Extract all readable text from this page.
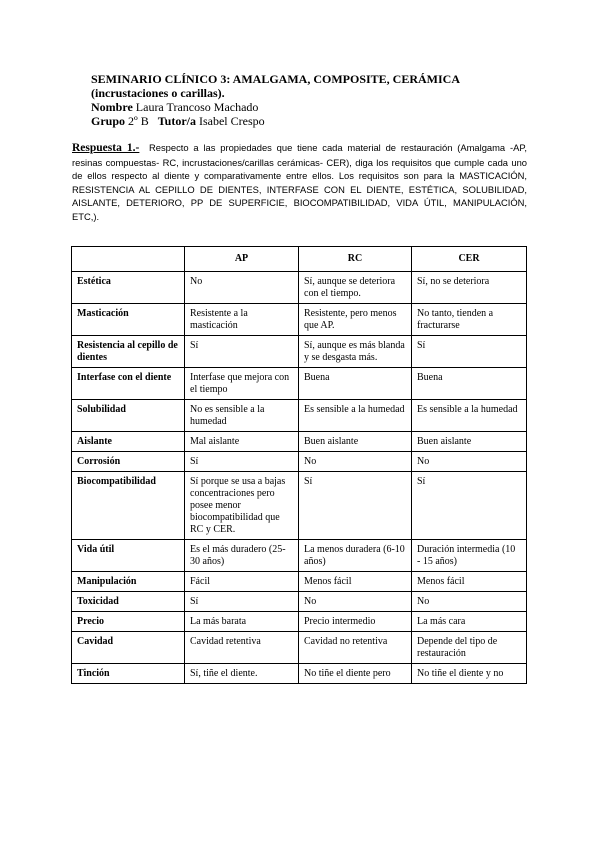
SEMINARIO CLÍNICO 3: AMALGAMA, COMPOSITE, CERÁMICA
(incrustaciones o carillas).
Nombre Laura Trancoso Machado
Grupo 2º B Tutor/a Isabel Crespo
Respuesta 1.- Respecto a las propiedades que tiene cada material de restauración (Amalgama -AP, resinas compuestas- RC, incrustaciones/carillas cerámicas- CER), diga los requisitos que cumple cada uno de ellos respecto al diente y comparativamente entre ellos. Los requisitos son para la MASTICACIÓN, RESISTENCIA AL CEPILLO DE DIENTES, INTERFASE CON EL DIENTE, ESTÉTICA, SOLUBILIDAD, AISLANTE, DETERIORO, PP DE SUPERFICIE, BIOCOMPATIBILIDAD, VIDA ÚTIL, MANIPULACIÓN, ETC,).
	AP	RC	CER
Estética	No	Sí, aunque se deteriora con el tiempo.	Sí, no se deteriora
Masticación	Resistente a la masticación	Resistente, pero menos que AP.	No tanto, tienden a fracturarse
Resistencia al cepillo de dientes	Sí	Sí, aunque es más blanda y se desgasta más.	Sí
Interfase con el diente	Interfase que mejora con el tiempo	Buena	Buena
Solubilidad	No es sensible a la humedad	Es sensible a la humedad	Es sensible a la humedad
Aislante	Mal aislante	Buen aislante	Buen aislante
Corrosión	Sí	No	No
Biocompatibilidad	Sí porque se usa a bajas concentraciones pero posee menor biocompatibilidad que RC y CER.	Sí	Sí
Vida útil	Es el más duradero (25-30 años)	La menos duradera (6-10 años)	Duración intermedia (10 - 15 años)
Manipulación	Fácil	Menos fácil	Menos fácil
Toxicidad	Sí	No	No
Precio	La más barata	Precio intermedio	La más cara
Cavidad	Cavidad retentiva	Cavidad no retentiva	Depende del tipo de restauración
Tinción	Sí, tiñe el diente.	No tiñe el diente pero	No tiñe el diente y no
